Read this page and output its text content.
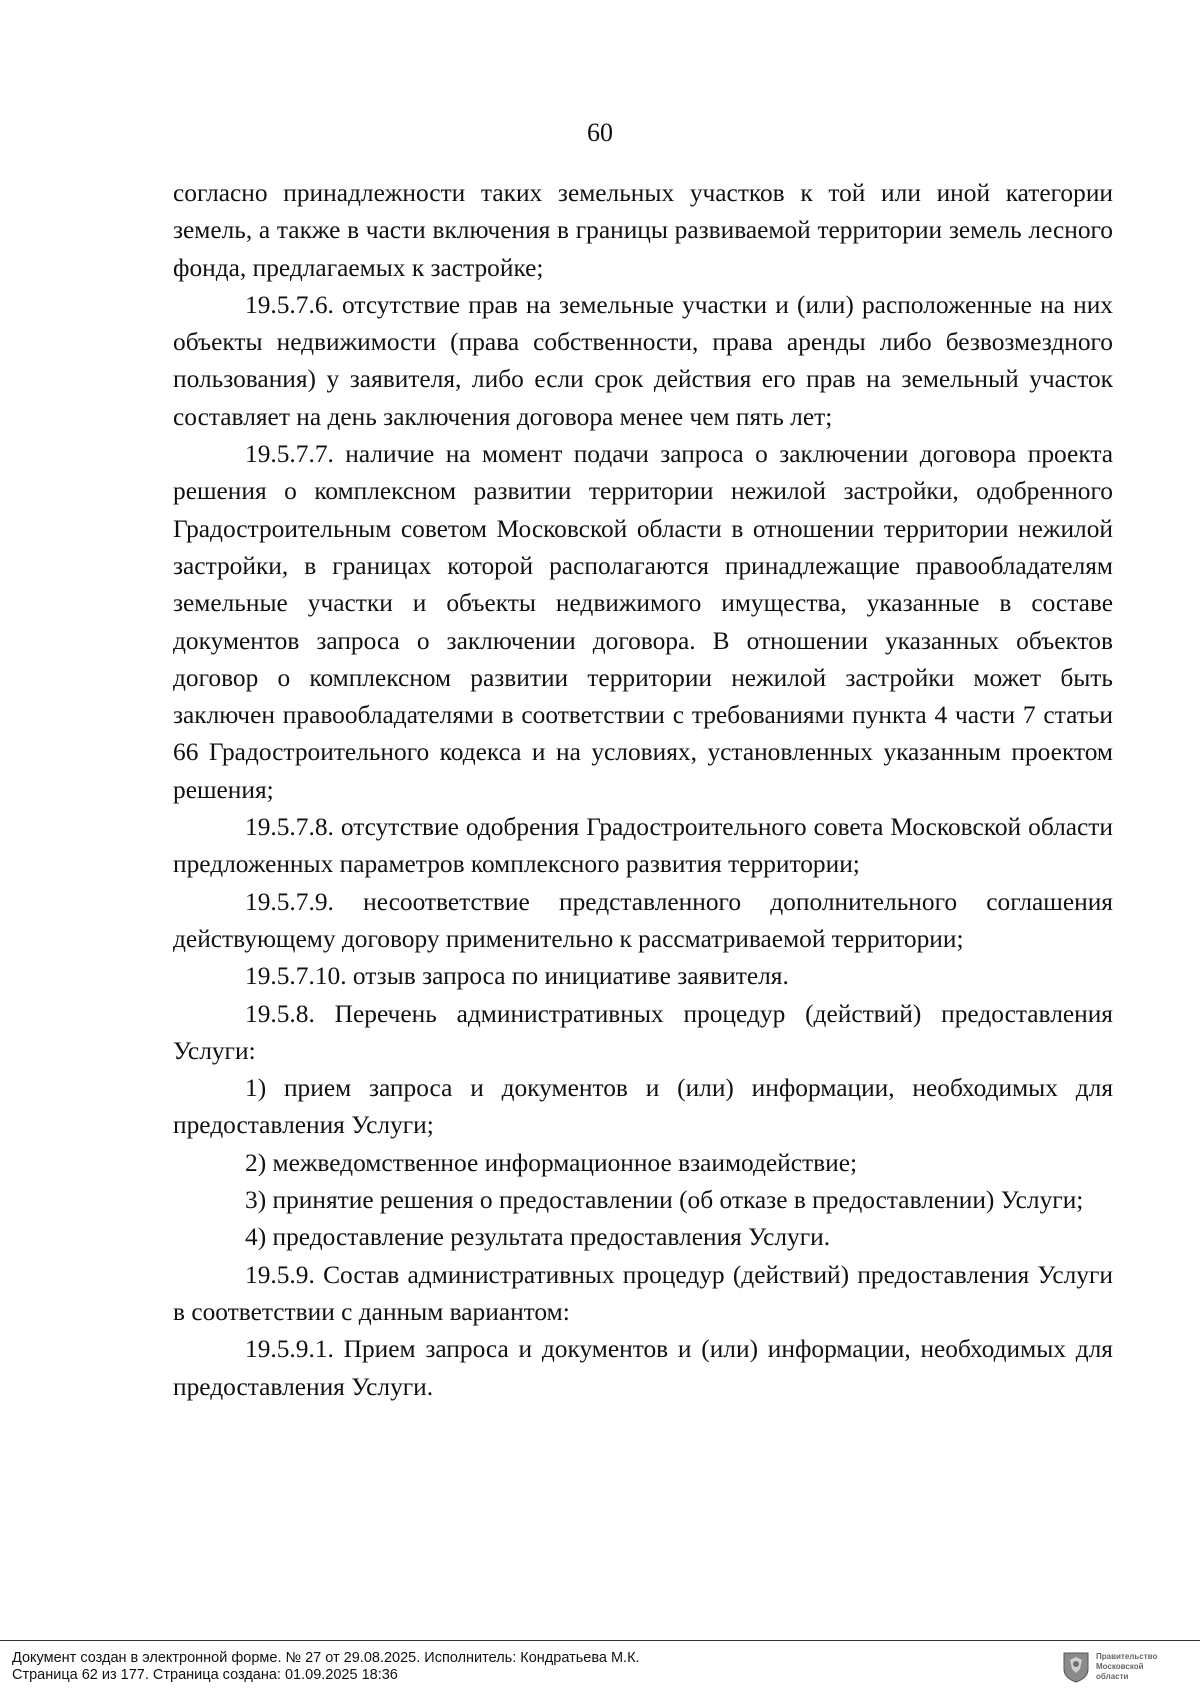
60

согласно принадлежности таких земельных участков к той или иной категории земель, а также в части включения в границы развиваемой территории земель лесного фонда, предлагаемых к застройке;

19.5.7.6. отсутствие прав на земельные участки и (или) расположенные на них объекты недвижимости (права собственности, права аренды либо безвозмездного пользования) у заявителя, либо если срок действия его прав на земельный участок составляет на день заключения договора менее чем пять лет;

19.5.7.7. наличие на момент подачи запроса о заключении договора проекта решения о комплексном развитии территории нежилой застройки, одобренного Градостроительным советом Московской области в отношении территории нежилой застройки, в границах которой располагаются принадлежащие правообладателям земельные участки и объекты недвижимого имущества, указанные в составе документов запроса о заключении договора. В отношении указанных объектов договор о комплексном развитии территории нежилой застройки может быть заключен правообладателями в соответствии с требованиями пункта 4 части 7 статьи 66 Градостроительного кодекса и на условиях, установленных указанным проектом решения;

19.5.7.8. отсутствие одобрения Градостроительного совета Московской области предложенных параметров комплексного развития территории;

19.5.7.9. несоответствие представленного дополнительного соглашения действующему договору применительно к рассматриваемой территории;

19.5.7.10. отзыв запроса по инициативе заявителя.

19.5.8. Перечень административных процедур (действий) предоставления Услуги:

1) прием запроса и документов и (или) информации, необходимых для предоставления Услуги;

2) межведомственное информационное взаимодействие;

3) принятие решения о предоставлении (об отказе в предоставлении) Услуги;

4) предоставление результата предоставления Услуги.

19.5.9. Состав административных процедур (действий) предоставления Услуги в соответствии с данным вариантом:

19.5.9.1. Прием запроса и документов и (или) информации, необходимых для предоставления Услуги.

Документ создан в электронной форме. № 27 от 29.08.2025. Исполнитель: Кондратьева М.К.
Страница 62 из 177. Страница создана: 01.09.2025 18:36
Правительство Московской области
